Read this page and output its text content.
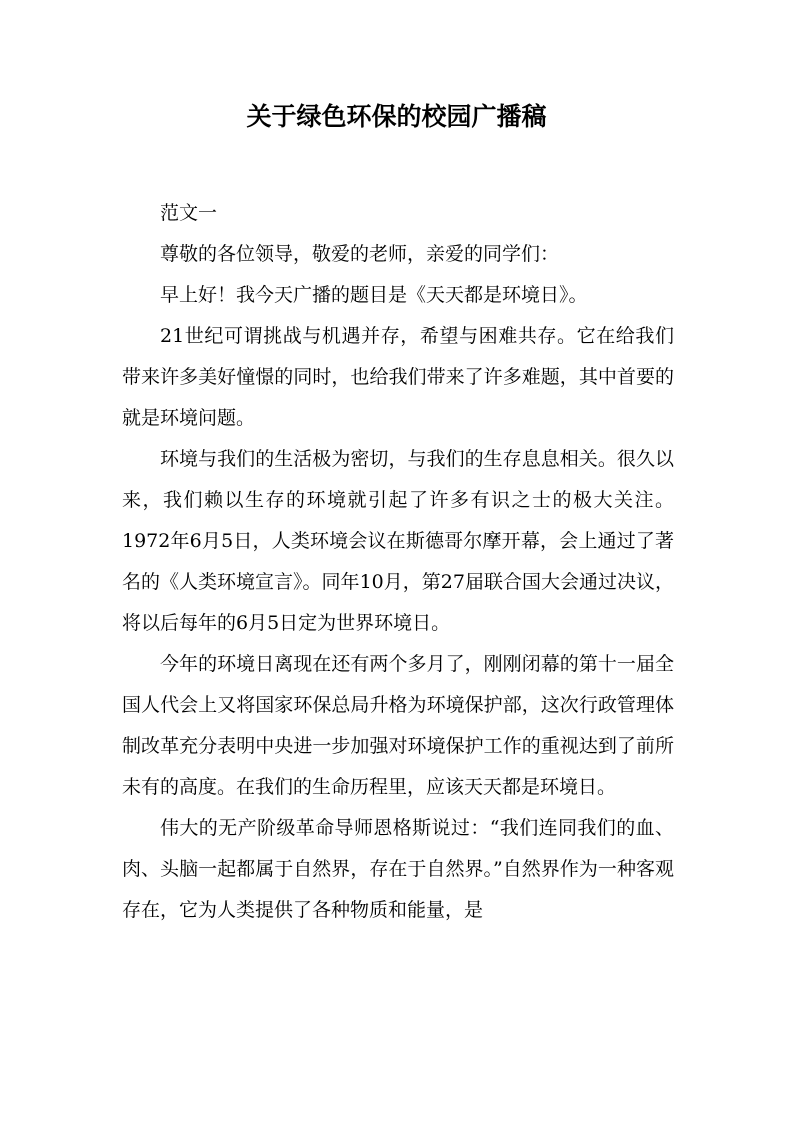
关于绿色环保的校园广播稿

范文一

尊敬的各位领导，敬爱的老师，亲爱的同学们：

早上好！我今天广播的题目是《天天都是环境日》。

21世纪可谓挑战与机遇并存，希望与困难共存。它在给我们带来许多美好憧憬的同时，也给我们带来了许多难题，其中首要的就是环境问题。

环境与我们的生活极为密切，与我们的生存息息相关。很久以来，我们赖以生存的环境就引起了许多有识之士的极大关注。1972年6月5日，人类环境会议在斯德哥尔摩开幕，会上通过了著名的《人类环境宣言》。同年10月，第27届联合国大会通过决议，将以后每年的6月5日定为世界环境日。

今年的环境日离现在还有两个多月了，刚刚闭幕的第十一届全国人代会上又将国家环保总局升格为环境保护部，这次行政管理体制改革充分表明中央进一步加强对环境保护工作的重视达到了前所未有的高度。在我们的生命历程里，应该天天都是环境日。

伟大的无产阶级革命导师恩格斯说过：“我们连同我们的血、肉、头脑一起都属于自然界，存在于自然界。”自然界作为一种客观存在，它为人类提供了各种物质和能量，是
